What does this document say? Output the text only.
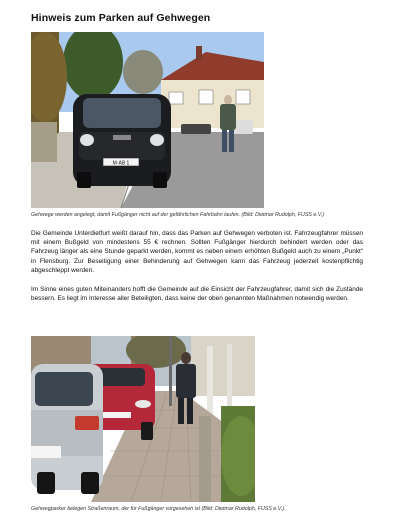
Hinweis zum Parken auf Gehwegen
M·AB 1
Gehwege werden angelegt, damit Fußgänger nicht auf der gefährlichen Fahrbahn laufen. (Bild: Dietmar Rudolph, FUSS e.V.)

Die Gemeinde Unterdietfurt weißt darauf hin, dass das Parken auf Gehwegen verboten ist. Fahrzeugfahrer müssen mit einem Bußgeld von mindestens 55 € rechnen. Sollten Fußgänger hierdurch behindert werden oder das Fahrzeug länger als eine Stunde geparkt werden, kommt es neben einem erhöhten Bußgeld auch zu einem „Punkt“ in Flensburg. Zur Beseitigung einer Behinderung auf Gehwegen kann das Fahrzeug jederzeit kostenpflichtig abgeschleppt werden.

Im Sinne eines guten Miteinanders hofft die Gemeinde auf die Einsicht der Fahrzeugfahrer, damit sich die Zustände bessern. Es liegt im Interesse aller Beteiligten, dass keine der oben genannten Maßnahmen notwendig werden.

Gehwegparker belegen Straßenraum, der für Fußgänger vorgesehen ist (Bild: Dietmar Rudolph, FUSS e.V.).
